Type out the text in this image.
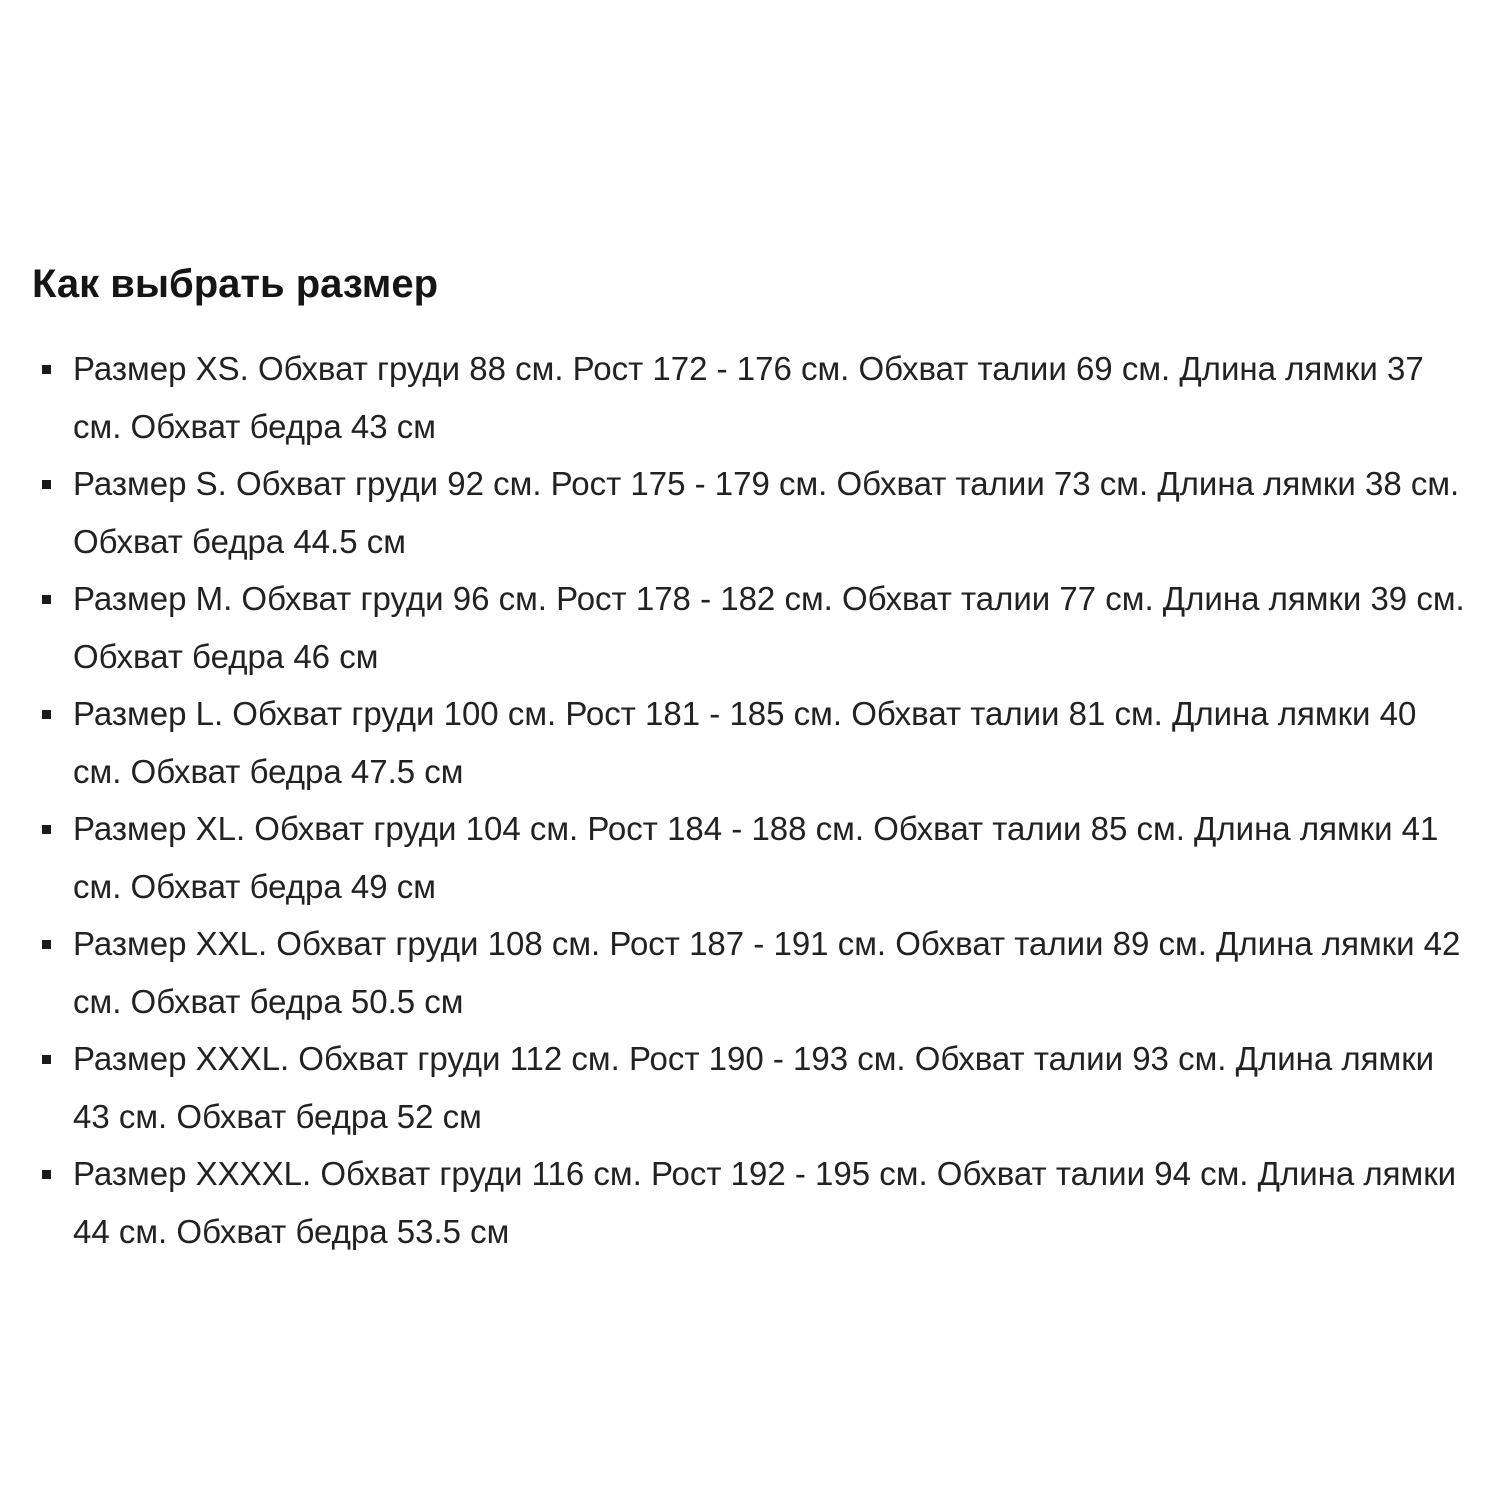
Как выбрать размер
Размер XS. Обхват груди 88 см. Рост 172 - 176 см. Обхват талии 69 см. Длина лямки 37 см. Обхват бедра 43 см
Размер S. Обхват груди 92 см. Рост 175 - 179 см. Обхват талии 73 см. Длина лямки 38 см. Обхват бедра 44.5 см
Размер M. Обхват груди 96 см. Рост 178 - 182 см. Обхват талии 77 см. Длина лямки 39 см. Обхват бедра 46 см
Размер L. Обхват груди 100 см. Рост 181 - 185 см. Обхват талии 81 см. Длина лямки 40 см. Обхват бедра 47.5 см
Размер XL. Обхват груди 104 см. Рост 184 - 188 см. Обхват талии 85 см. Длина лямки 41 см. Обхват бедра 49 см
Размер XXL. Обхват груди 108 см. Рост 187 - 191 см. Обхват талии 89 см. Длина лямки 42 см. Обхват бедра 50.5 см
Размер XXXL. Обхват груди 112 см. Рост 190 - 193 см. Обхват талии 93 см. Длина лямки 43 см. Обхват бедра 52 см
Размер XXXXL. Обхват груди 116 см. Рост 192 - 195 см. Обхват талии 94 см. Длина лямки 44 см. Обхват бедра 53.5 см
